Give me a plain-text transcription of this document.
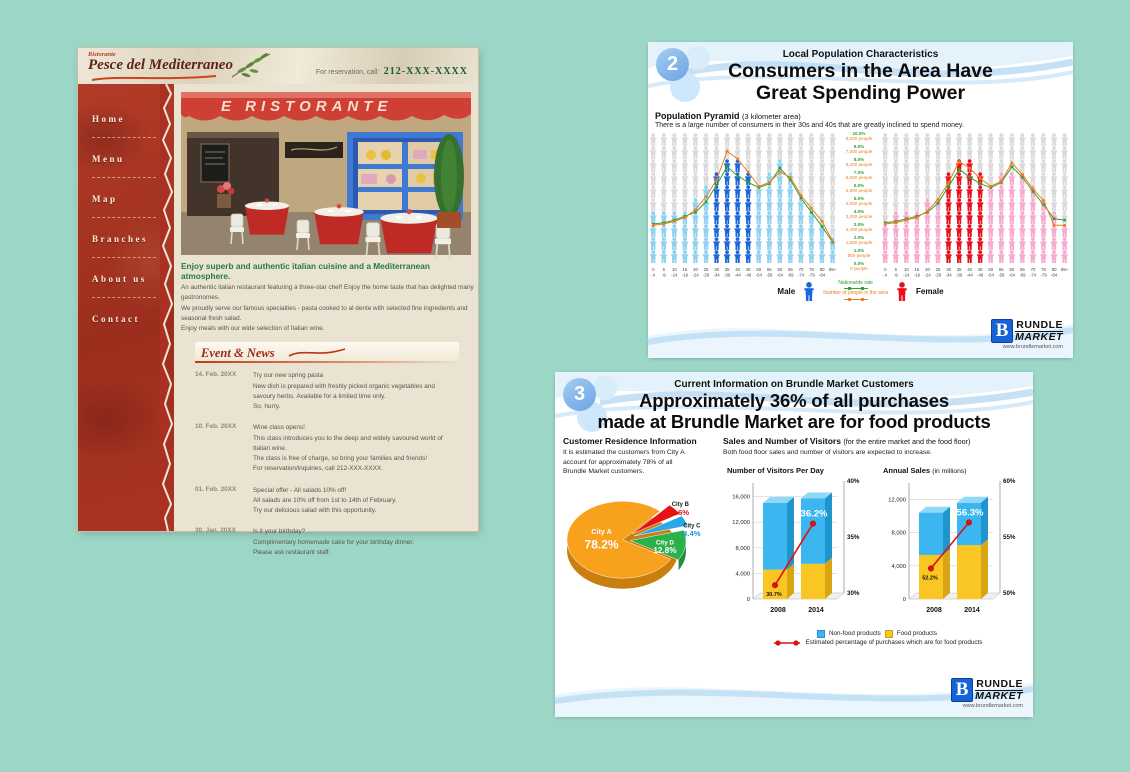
Ristorante
Pesce del Mediterraneo	For reservation, call: 212-XXX-XXXX
Home
Menu
Map
Branches
About us
Contact
E RISTORANTE

Enjoy superb and authentic italian cuisine and a Mediterranean atmosphere.

An authentic italian restaurant featuring a three-star chef! Enjoy the home taste that has delighted many gastronomes.
We proudly serve our famous specialties - pasta cooked to al dente with selected fine ingredients and seasonal fresh salad.
Enjoy meals with our wide selection of Italian wine.
Event & News
14. Feb. 20XX	Try our new spring pasta
New dish is prepared with freshly picked organic vegetables and
savoury herbs. Available for a limited time only.
So, hurry.
10. Feb. 20XX	Wine class opens!
This class introduces you to the deep and widely savoured world of
Italian wine.
The class is free of charge, so bring your families and friends!
For reservation/inquiries, call 212-XXX-XXXX.
01. Feb. 20XX	Special offer - All salads 10% off!
All salads are 10% off from 1st to 14th of February.
Try our delicious salad with this opportunity.
30. Jan. 20XX	Is it your birthday?
Complimentary homemade cake for your birthday dinner.
Please ask restaurant staff.
2	Local Population Characteristics
Consumers in the Area Have
Great Spending Power
Population Pyramid (3 kilometer area)
There is a large number of consumers in their 30s and 40s that are greatly inclined to spend money.
0
-4
5
-9
10
-14
15
-19
20
-24
25
-29
30
-34
35
-39
40
-44
45
-49
50
-54
55
-59
60
-64
65
-69
70
-74
75
-79
80
-84
85+
10.0%
8,000 people
9.0%
7,200 people
8.0%
6,400 people
7.0%
5,600 people
6.0%
4,800 people
5.0%
4,000 people
4.0%
3,200 people
3.0%
2,400 people
2.0%
1,600 people
1.0%
800 people
0.0%
0 people	0
-4
5
-9
10
-14
15
-19
20
-24
25
-29
30
-34
35
-39
40
-44
45
-49
50
-54
55
-59
60
-64
65
-69
70
-74
75
-79
80
-84
85+
Male
Nationwide rate
Number of people in the area	Female
B RUNDLE
MARKET
www.brundlemarket.com
3	Current Information on Brundle Market Customers
Approximately 36% of all purchases
made at Brundle Market are for food products
Customer Residence Information
It is estimated the customers from City A
account for approximately 78% of all
Brundle Market customers.
City B
4.6%
City C
4.4%
City D
12.8%
City A
78.2%
Sales and Number of Visitors (for the entire market and the food floor)
Both food floor sales and number of visitors are expected to increase.
Number of Visitors Per Day
0
4,000
8,000
12,000
16,000
30%
35%
40%
2008	2014
30.7%
36.2%
Annual Sales (in millions)
0
4,000
8,000
12,000
50%
55%
60%
2008	2014
52.2%
56.3%
Non-food products	Food products
Estimated percentage of purchases which are for food products
B RUNDLE
MARKET
www.brundlemarket.com
